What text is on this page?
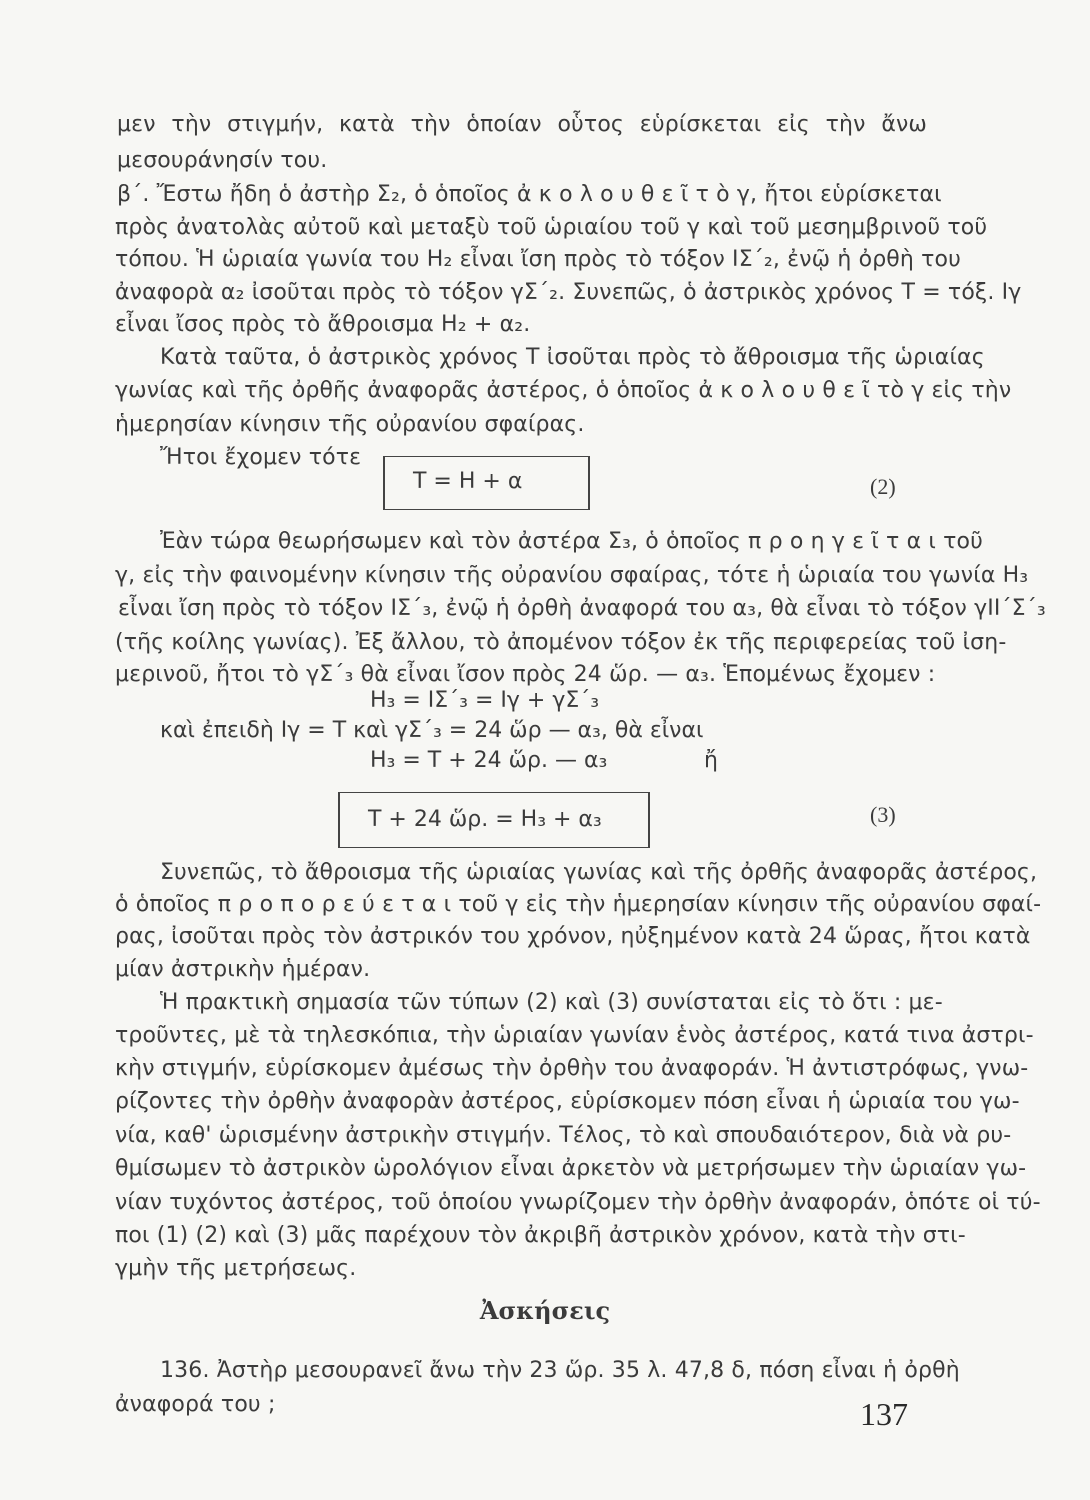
μεν τὴν στιγμήν, κατὰ τὴν ὁποίαν οὗτος εὑρίσκεται εἰς τὴν ἄνω
μεσουράνησίν του.
β΄. Ἔστω ἤδη ὁ ἀστὴρ Σ₂, ὁ ὁποῖος ἀ κ ο λ ο υ θ ε ῖ τ ὸ γ, ἤτοι εὑρίσκεται
πρὸς ἀνατολὰς αὐτοῦ καὶ μεταξὺ τοῦ ὡριαίου τοῦ γ καὶ τοῦ μεσημβρινοῦ τοῦ
τόπου. Ἡ ὡριαία γωνία του Η₂ εἶναι ἴση πρὸς τὸ τόξον ΙΣ΄₂, ἐνῷ ἡ ὀρθὴ του
ἀναφορὰ α₂ ἰσοῦται πρὸς τὸ τόξον γΣ΄₂. Συνεπῶς, ὁ ἀστρικὸς χρόνος Τ = τόξ. Ιγ
εἶναι ἴσος πρὸς τὸ ἄθροισμα Η₂ + α₂.
Κατὰ ταῦτα, ὁ ἀστρικὸς χρόνος Τ ἰσοῦται πρὸς τὸ ἄθροισμα τῆς ὡριαίας
γωνίας καὶ τῆς ὀρθῆς ἀναφορᾶς ἀστέρος, ὁ ὁποῖος ἀ κ ο λ ο υ θ ε ῖ τὸ γ εἰς τὴν
ἡμερησίαν κίνησιν τῆς οὐρανίου σφαίρας.
Ἤτοι ἔχομεν τότε
Τ = Η + α	(2)
Ἐὰν τώρα θεωρήσωμεν καὶ τὸν ἀστέρα Σ₃, ὁ ὁποῖος π ρ ο η γ ε ῖ τ α ι τοῦ
γ, εἰς τὴν φαινομένην κίνησιν τῆς οὐρανίου σφαίρας, τότε ἡ ὡριαία του γωνία Η₃
εἶναι ἴση πρὸς τὸ τόξον ΙΣ΄₃, ἐνῷ ἡ ὀρθὴ ἀναφορά του α₃, θὰ εἶναι τὸ τόξον γΙΙ΄Σ΄₃
(τῆς κοίλης γωνίας). Ἐξ ἄλλου, τὸ ἀπομένον τόξον ἐκ τῆς περιφερείας τοῦ ἰση-
μερινοῦ, ἤτοι τὸ γΣ΄₃ θὰ εἶναι ἴσον πρὸς 24 ὥρ. — α₃. Ἑπομένως ἔχομεν :
Η₃ = ΙΣ΄₃ = Ιγ + γΣ΄₃
καὶ ἐπειδὴ Ιγ = Τ καὶ γΣ΄₃ = 24 ὥρ — α₃, θὰ εἶναι
Η₃ = Τ + 24 ὥρ. — α₃	ἤ
Τ + 24 ὥρ. = Η₃ + α₃	(3)
Συνεπῶς, τὸ ἄθροισμα τῆς ὡριαίας γωνίας καὶ τῆς ὀρθῆς ἀναφορᾶς ἀστέρος,
ὁ ὁποῖος π ρ ο π ο ρ ε ύ ε τ α ι τοῦ γ εἰς τὴν ἡμερησίαν κίνησιν τῆς οὐρανίου σφαί-
ρας, ἰσοῦται πρὸς τὸν ἀστρικόν του χρόνον, ηὐξημένον κατὰ 24 ὥρας, ἤτοι κατὰ
μίαν ἀστρικὴν ἡμέραν.
Ἡ πρακτικὴ σημασία τῶν τύπων (2) καὶ (3) συνίσταται εἰς τὸ ὅτι : με-
τροῦντες, μὲ τὰ τηλεσκόπια, τὴν ὡριαίαν γωνίαν ἑνὸς ἀστέρος, κατά τινα ἀστρι-
κὴν στιγμήν, εὑρίσκομεν ἀμέσως τὴν ὀρθὴν του ἀναφοράν. Ἡ ἀντιστρόφως, γνω-
ρίζοντες τὴν ὀρθὴν ἀναφορὰν ἀστέρος, εὑρίσκομεν πόση εἶναι ἡ ὡριαία του γω-
νία, καθ' ὡρισμένην ἀστρικὴν στιγμήν. Τέλος, τὸ καὶ σπουδαιότερον, διὰ νὰ ρυ-
θμίσωμεν τὸ ἀστρικὸν ὡρολόγιον εἶναι ἀρκετὸν νὰ μετρήσωμεν τὴν ὡριαίαν γω-
νίαν τυχόντος ἀστέρος, τοῦ ὁποίου γνωρίζομεν τὴν ὀρθὴν ἀναφοράν, ὁπότε οἱ τύ-
ποι (1) (2) καὶ (3) μᾶς παρέχουν τὸν ἀκριβῆ ἀστρικὸν χρόνον, κατὰ τὴν στι-
γμὴν τῆς μετρήσεως.
Ἀσκήσεις
136. Ἀστὴρ μεσουρανεῖ ἄνω τὴν 23 ὥρ. 35 λ. 47,8 δ, πόση εἶναι ἡ ὀρθὴ
ἀναφορά του ;	137
